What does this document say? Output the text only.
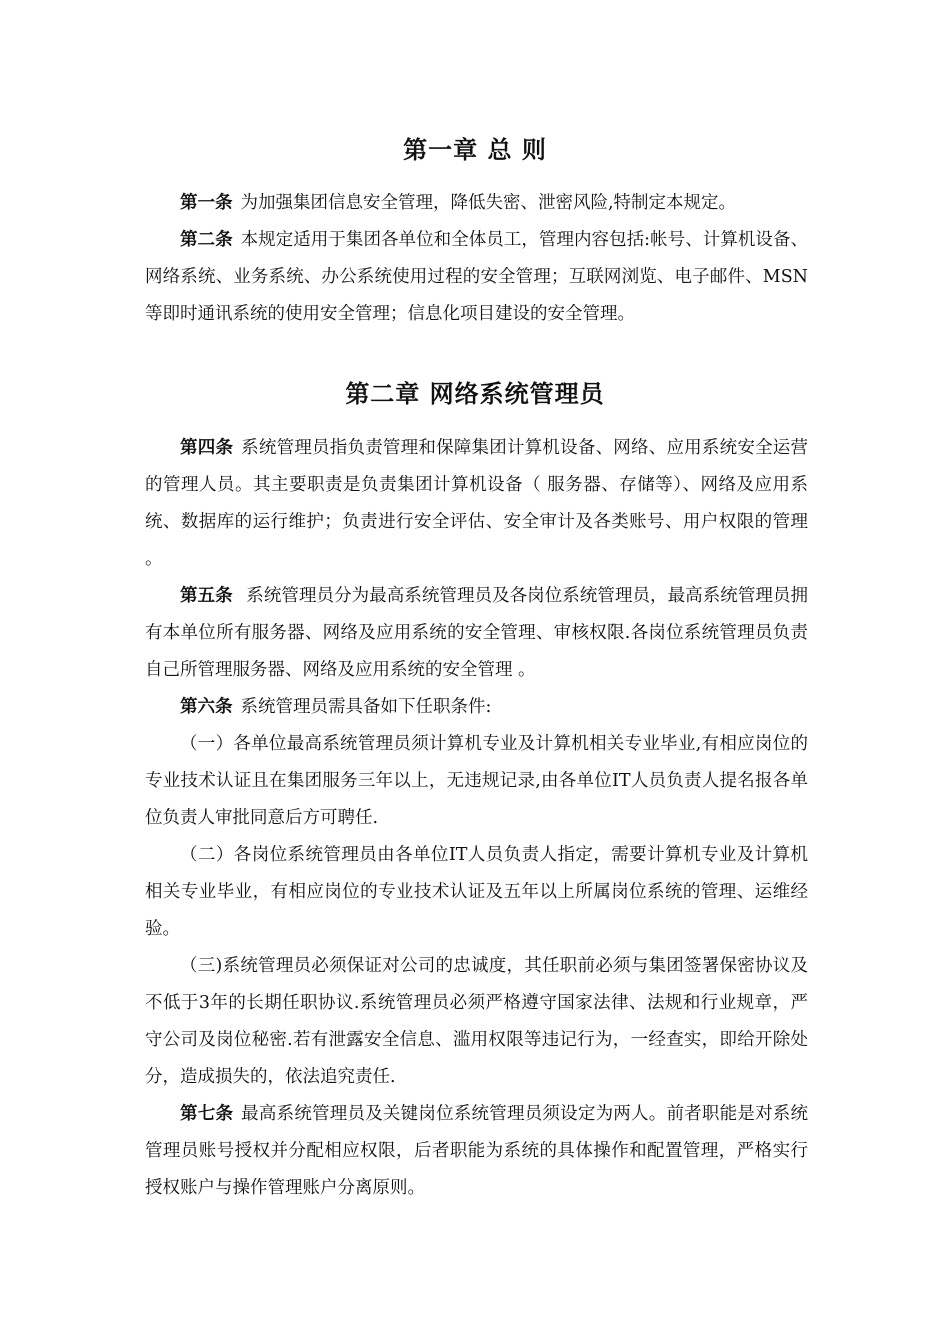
第一章 总 则

第一条 为加强集团信息安全管理，降低失密、泄密风险,特制定本规定。

第二条 本规定适用于集团各单位和全体员工，管理内容包括:帐号、计算机设备、网络系统、业务系统、办公系统使用过程的安全管理；互联网浏览、电子邮件、MSN等即时通讯系统的使用安全管理；信息化项目建设的安全管理。

第二章 网络系统管理员

第四条 系统管理员指负责管理和保障集团计算机设备、网络、应用系统安全运营的管理人员。其主要职责是负责集团计算机设备（ 服务器、存储等）、网络及应用系统、数据库的运行维护；负责进行安全评估、安全审计及各类账号、用户权限的管理 。

第五条 系统管理员分为最高系统管理员及各岗位系统管理员，最高系统管理员拥有本单位所有服务器、网络及应用系统的安全管理、审核权限.各岗位系统管理员负责自己所管理服务器、网络及应用系统的安全管理 。

第六条 系统管理员需具备如下任职条件:

（一）各单位最高系统管理员须计算机专业及计算机相关专业毕业,有相应岗位的专业技术认证且在集团服务三年以上，无违规记录,由各单位IT人员负责人提名报各单位负责人审批同意后方可聘任.

（二）各岗位系统管理员由各单位IT人员负责人指定，需要计算机专业及计算机相关专业毕业，有相应岗位的专业技术认证及五年以上所属岗位系统的管理、运维经验。

（三)系统管理员必须保证对公司的忠诚度，其任职前必须与集团签署保密协议及不低于3年的长期任职协议.系统管理员必须严格遵守国家法律、法规和行业规章，严守公司及岗位秘密.若有泄露安全信息、滥用权限等违记行为，一经查实，即给开除处分，造成损失的，依法追究责任.

第七条 最高系统管理员及关键岗位系统管理员须设定为两人。前者职能是对系统管理员账号授权并分配相应权限，后者职能为系统的具体操作和配置管理，严格实行授权账户与操作管理账户分离原则。
